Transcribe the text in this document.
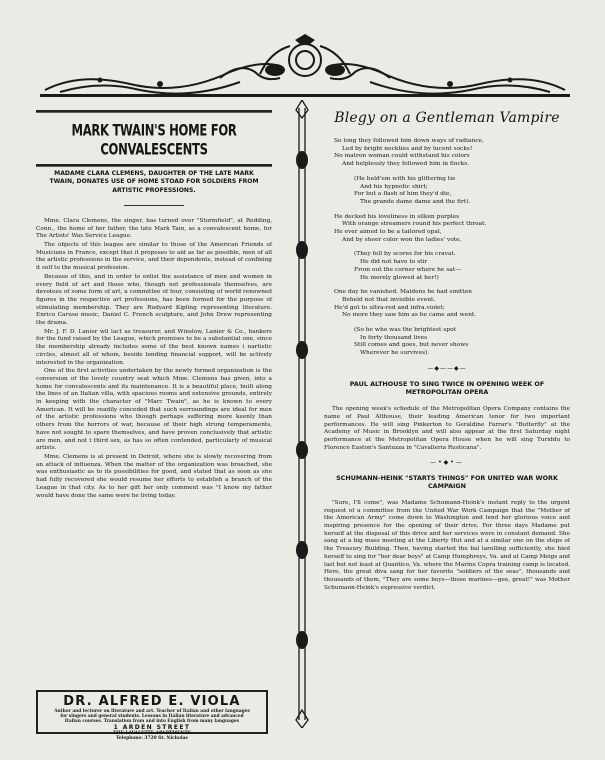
MARK TWAIN'S HOME FOR CONVALESCENTS
MADAME CLARA CLEMENS, DAUGHTER OF THE LATE MARK TWAIN, DONATES USE OF HOME STOAD FOR SOLDIERS FROM ARTISTIC PROFESSIONS.

Mme. Clara Clemens, the singer, has turned over "Stormfield", at Redding, Conn., the home of her father, the late Mark Tain, as a convalescent home, for The Artists' Was Service League.

The objects of this league are similar to those of the American Friends of Musicians in France, except that it proposes to aid as far as possible, men of all the artistic professions in the service, and their dependents, instead of confining it solf to the musical profession.

Because of this, and in order to enlist the assistance of men and women in every field of art and those who, though not professionals themselves, are devotees of some form of art, a committee of four, consisting of world renowned figures in the respective art professions, has been formed for the purpose of stimulating membership. They are Rudyard Kipling representing literature. Enrico Caruso music, Daniel C. French sculpture, and John Drew representing the drama.

Mr. J. F. D. Lanier wil lact as treasurer, and Winslow, Lanier & Co., bankers for the fund raised by the League, which promises to be a substantial one, since the membership already includes some of the best known names i nartistic circles, almost all of whom, beside lending financial support, will be actively interested in the organization.

One of the first activities undertaken by the newly formed organization is the conversion of the lovely country seat which Mme. Clemens has given, into a home for convalescents and its maintenance. It is a beautiful place, built along the lines of an Italian villa, with spacious rooms and extensive grounds, entirely in keeping with the character of "Marc Twain", as he is known to every American. It will be readily conceded that such surroundings are ideal for men of the artistic professions who though perhaps suffering more keenly than others from the horrors of war, because of their high strung temperaments, have not sought to spare themselves, and have proven conclusively that artistic are men, and not t third sex, as has so often contended, particularly of musical artists.

Mme. Clemens is at present in Detroit, where she is slowly recovering from an attack of influenza. When the matter of the organization was broached, she was enthusiastic as to its possibilities for good, and stated that as soon as she had fully recovered she would resume her efforts to establish a branch of the League in that city. As to her gift her only comment was "I know my father would have done the same were he living today.

DR. ALFRED E. VIOLA
Author and lecturer on literature and art. Teacher of Italian and other languages
for singers and general students. Lessons in Italian literature and advanced
Italian courses. Translation from and into English from many languages
1 ARDEN STREET
THE LAVALETTE APARTMENTS
Telephone: 3720 St. Nicholas
Blegy on a Gentleman Vampire
So long they followed him down ways of radiance,
Led by bright neckties and by lucent socks!
No matron woman could withstand his colors
And helplessly they followed him in flocks.
(He held'em with his glittering tie
And his hypnotic shirt;
For but a flash of him they'd die,
The grande dame dame and the firt).
He decked his loveliness in silken purples
With orange streamers round his perfect throat.
He ever aimed to be a tailored opal,
And by sheer color won the ladies' vote.
(They fell by scores for his cravat.
He did not have to stir
From out the corner where he sat—
He merely glowed at her!)
One day he vanished. Maidens he had smitten
Beheld not that invisible event.
He'd got to ultra-red and infra.violet;
No more they saw him as he came and went.
(So he who was the brightest spot
In forty thousand lives
Still comes and goes, but never shows
Wherever he survives).
—◆——◆—
PAUL ALTHOUSE TO SING TWICE IN OPENING WEEK OF METROPOLITAN OPERA

The opening week's schedule of the Metropolitan Opera Company contains the name of Paul Althouse, their leading American tenor for two important performances. He will sing Pinkerton to Geraldine Farrar's "Butterfly" at the Academy of Music in Brooklyn and will also appear at the first Saturday night performance at the Metropolitan Opera House when he will sing Turiddu to Florence Easton's Santuzza in "Cavalleria Rusticana".

—•◆•—
SCHUMANN-HEINK "STARTS THINGS" FOR UNITED WAR WORK CAMPAIGN

"Sure, I'll come", was Madame Schumann-Heink's instant reply to the urgent request of a committee from the United War Work Campaign that the "Mother of the American Army" come down to Washington and lend her glorious voice and inspiring presence for the opening of their drive. For three days Madame put herself at the disposal of this drive and her services were in constant demand. She sang at a big mass meeting at the Liberty Hut and at a similar one on the steps of the Treasury Building. Then, having started the bal larolling sufficiently, she hied herself to sing for "her dear boys" at Camp Humphreys, Va. and at Camp Meigs and last but not least at Quantico, Va. where the Marine Copra training camp is located. Here, the great diva sang for her favorite "soldiers of the seas", thousands and thousands of them, "They are some boys—those marines—gee, great!" was Mother Schumann-Heink's expressive verdict.
